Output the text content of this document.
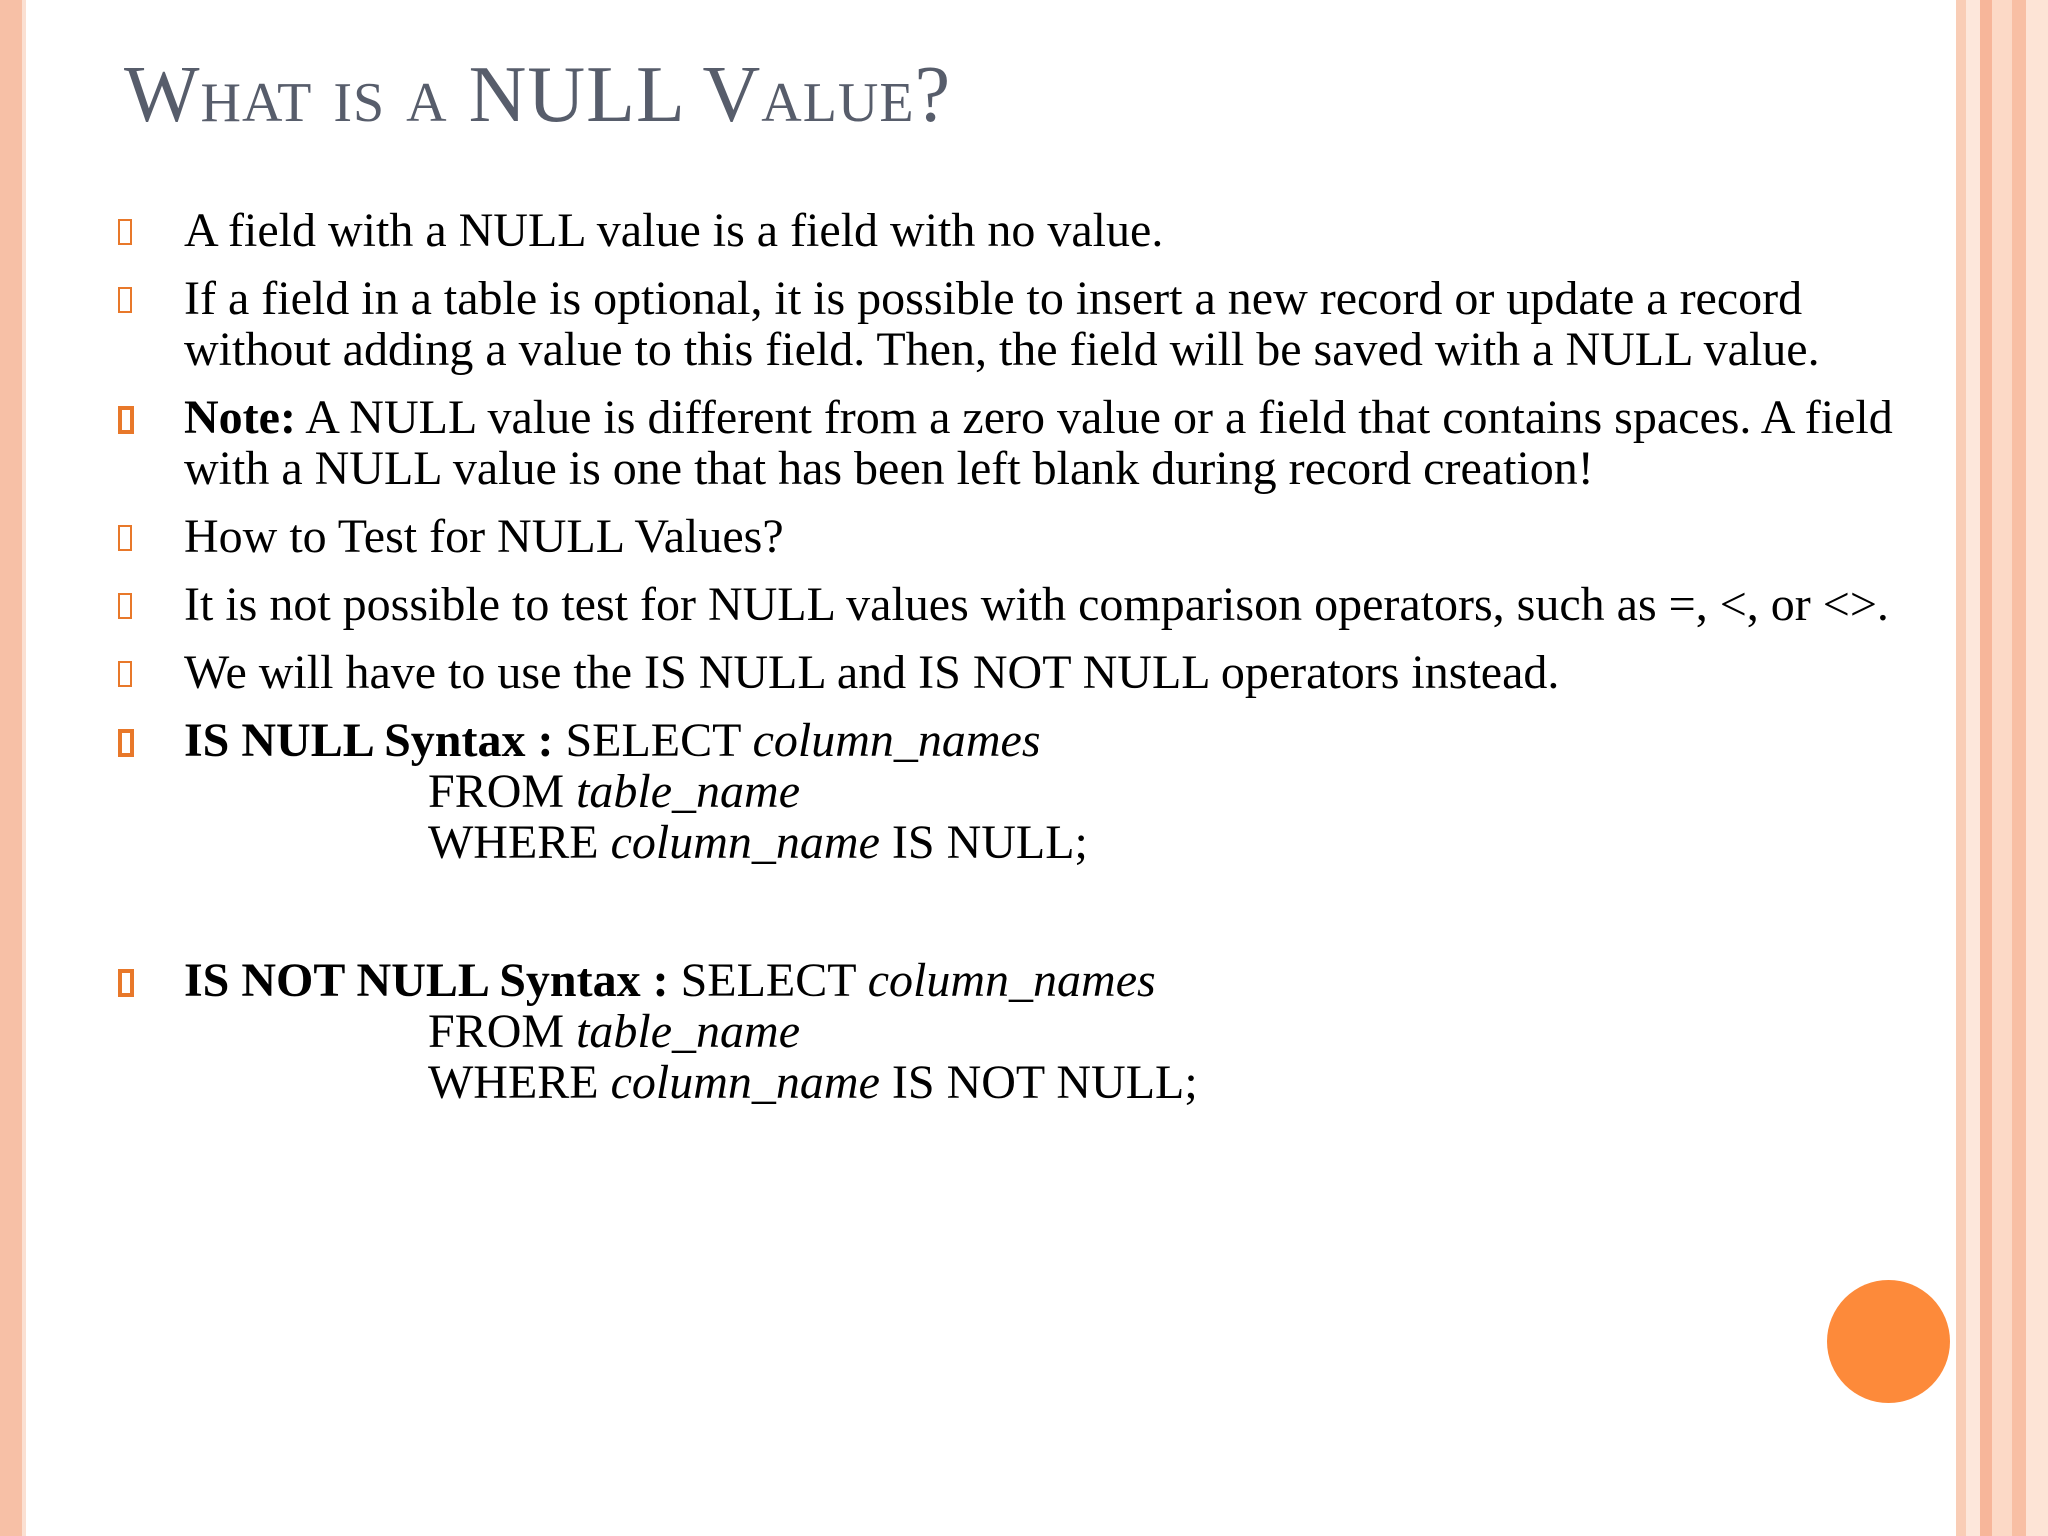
What is a NULL Value?
A field with a NULL value is a field with no value.
If a field in a table is optional, it is possible to insert a new record or update a record without adding a value to this field. Then, the field will be saved with a NULL value.
Note: A NULL value is different from a zero value or a field that contains spaces. A field with a NULL value is one that has been left blank during record creation!
How to Test for NULL Values?
It is not possible to test for NULL values with comparison operators, such as =, <, or <>.
We will have to use the IS NULL and IS NOT NULL operators instead.
IS NULL Syntax : SELECT column_names
FROM table_name
WHERE column_name IS NULL;
IS NOT NULL Syntax : SELECT column_names
FROM table_name
WHERE column_name IS NOT NULL;
